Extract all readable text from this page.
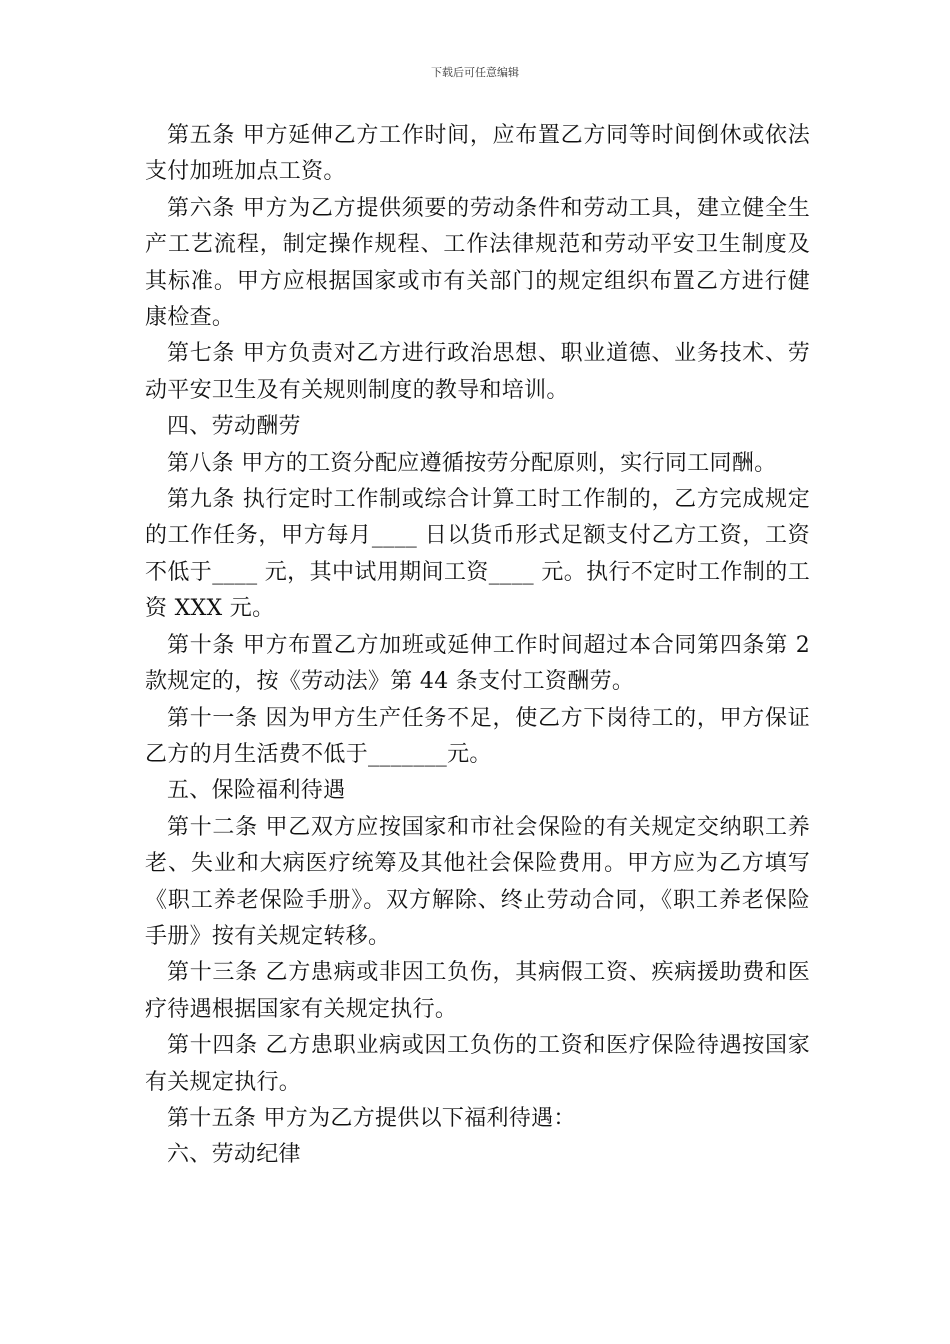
下载后可任意编辑

第五条 甲方延伸乙方工作时间，应布置乙方同等时间倒休或依法支付加班加点工资。

第六条 甲方为乙方提供须要的劳动条件和劳动工具，建立健全生产工艺流程，制定操作规程、工作法律规范和劳动平安卫生制度及其标准。甲方应根据国家或市有关部门的规定组织布置乙方进行健康检查。

第七条 甲方负责对乙方进行政治思想、职业道德、业务技术、劳动平安卫生及有关规则制度的教导和培训。

四、劳动酬劳

第八条 甲方的工资分配应遵循按劳分配原则，实行同工同酬。

第九条 执行定时工作制或综合计算工时工作制的，乙方完成规定的工作任务，甲方每月____ 日以货币形式足额支付乙方工资，工资不低于____ 元，其中试用期间工资____ 元。执行不定时工作制的工资 XXX 元。

第十条 甲方布置乙方加班或延伸工作时间超过本合同第四条第 2 款规定的，按《劳动法》第 44 条支付工资酬劳。

第十一条 因为甲方生产任务不足，使乙方下岗待工的，甲方保证乙方的月生活费不低于_______元。

五、保险福利待遇

第十二条 甲乙双方应按国家和市社会保险的有关规定交纳职工养老、失业和大病医疗统筹及其他社会保险费用。甲方应为乙方填写《职工养老保险手册》。双方解除、终止劳动合同，《职工养老保险手册》按有关规定转移。

第十三条 乙方患病或非因工负伤，其病假工资、疾病援助费和医疗待遇根据国家有关规定执行。

第十四条 乙方患职业病或因工负伤的工资和医疗保险待遇按国家有关规定执行。

第十五条 甲方为乙方提供以下福利待遇：

六、劳动纪律
